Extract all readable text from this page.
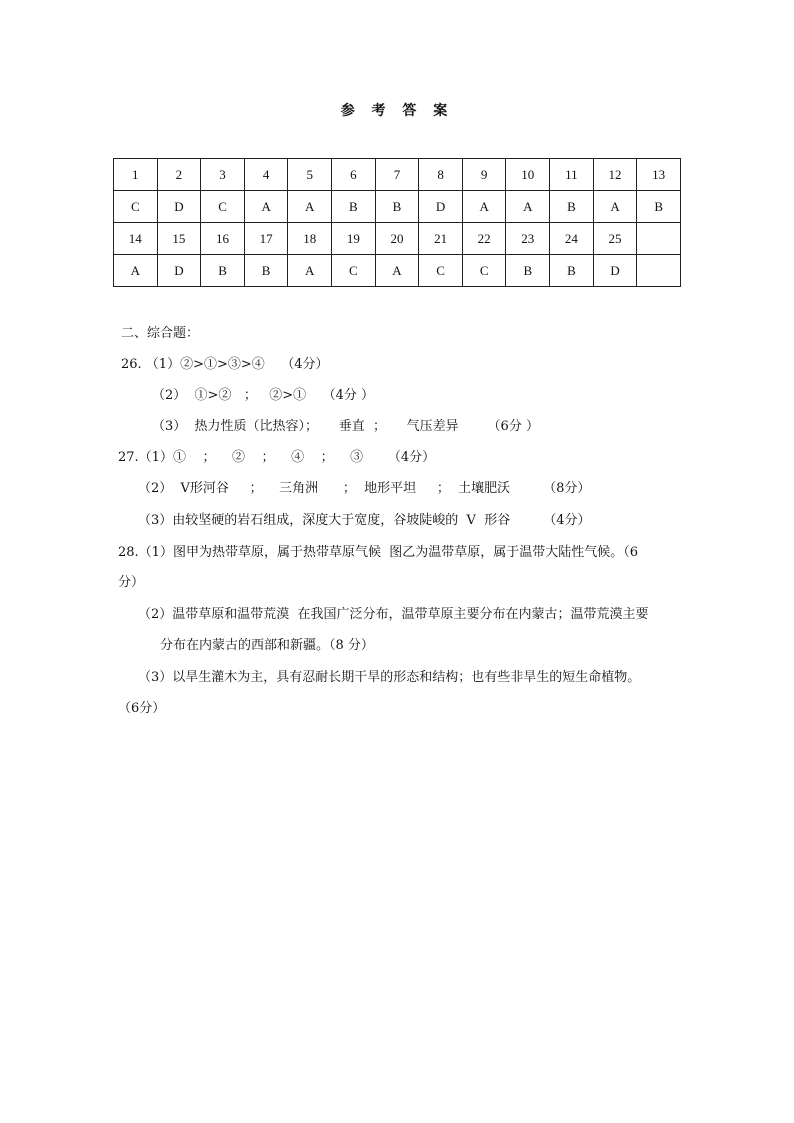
参 考 答 案
1	2	3	4	5	6	7	8	9	10	11	12	13
C	D	C	A	A	B	B	D	A	A	B	A	B
14	15	16	17	18	19	20	21	22	23	24	25	
A	D	B	B	A	C	A	C	C	B	B	D	
二、综合题：
26. （1）②>①>③>④    （4分）
（2）  ①>②   ；   ②>①    （4分 ）
（3）  热力性质（比热容）；     垂直  ；     气压差异       （6分 ）
27.（1）①    ；    ②    ；    ④    ；    ③      （4分）
（2）  V形河谷     ；    三角洲      ；  地形平坦     ；  土壤肥沃        （8分）
（3）由较坚硬的岩石组成，深度大于宽度，谷坡陡峻的  V  形谷        （4分）
28.（1）图甲为热带草原，属于热带草原气候  图乙为温带草原，属于温带大陆性气候。（6
分）
（2）温带草原和温带荒漠  在我国广泛分布，温带草原主要分布在内蒙古；温带荒漠主要
分布在内蒙古的西部和新疆。（8 分）
（3）以旱生灌木为主，具有忍耐长期干旱的形态和结构；也有些非旱生的短生命植物。
（6分）
